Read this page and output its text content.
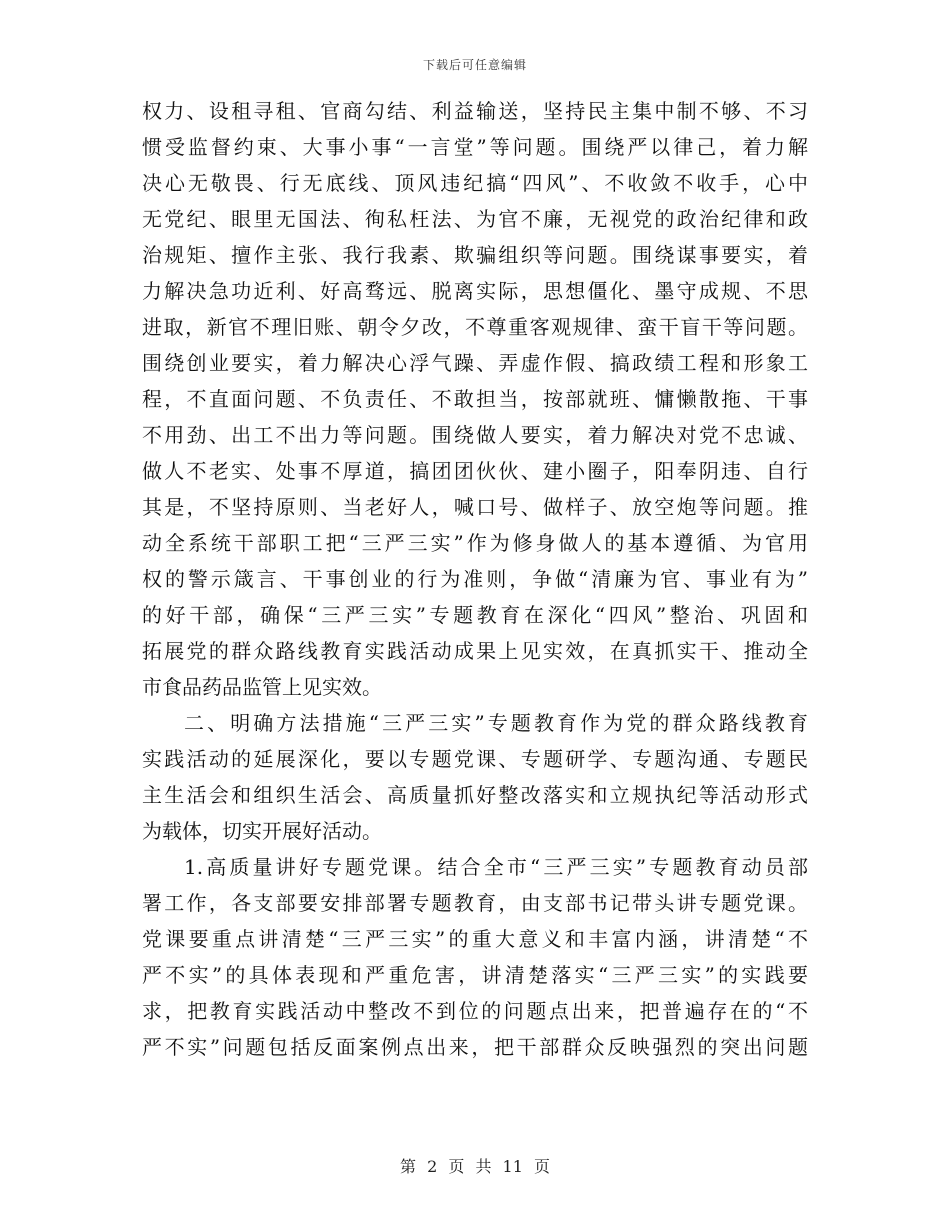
下载后可任意编辑
权力、设租寻租、官商勾结、利益输送，坚持民主集中制不够、不习
惯受监督约束、大事小事“一言堂”等问题。围绕严以律己，着力解
决心无敬畏、行无底线、顶风违纪搞“四风”、不收敛不收手，心中
无党纪、眼里无国法、徇私枉法、为官不廉，无视党的政治纪律和政
治规矩、擅作主张、我行我素、欺骗组织等问题。围绕谋事要实，着
力解决急功近利、好高骛远、脱离实际，思想僵化、墨守成规、不思
进取，新官不理旧账、朝令夕改，不尊重客观规律、蛮干盲干等问题。
围绕创业要实，着力解决心浮气躁、弄虚作假、搞政绩工程和形象工
程，不直面问题、不负责任、不敢担当，按部就班、慵懒散拖、干事
不用劲、出工不出力等问题。围绕做人要实，着力解决对党不忠诚、
做人不老实、处事不厚道，搞团团伙伙、建小圈子，阳奉阴违、自行
其是，不坚持原则、当老好人，喊口号、做样子、放空炮等问题。推
动全系统干部职工把“三严三实”作为修身做人的基本遵循、为官用
权的警示箴言、干事创业的行为准则，争做“清廉为官、事业有为”
的好干部，确保“三严三实”专题教育在深化“四风”整治、巩固和
拓展党的群众路线教育实践活动成果上见实效，在真抓实干、推动全
市食品药品监管上见实效。
二、明确方法措施“三严三实”专题教育作为党的群众路线教育
实践活动的延展深化，要以专题党课、专题研学、专题沟通、专题民
主生活会和组织生活会、高质量抓好整改落实和立规执纪等活动形式
为载体，切实开展好活动。
1.高质量讲好专题党课。结合全市“三严三实”专题教育动员部
署工作，各支部要安排部署专题教育，由支部书记带头讲专题党课。
党课要重点讲清楚“三严三实”的重大意义和丰富内涵，讲清楚“不
严不实”的具体表现和严重危害，讲清楚落实“三严三实”的实践要
求，把教育实践活动中整改不到位的问题点出来，把普遍存在的“不
严不实”问题包括反面案例点出来，把干部群众反映强烈的突出问题
第 2 页 共 11 页
